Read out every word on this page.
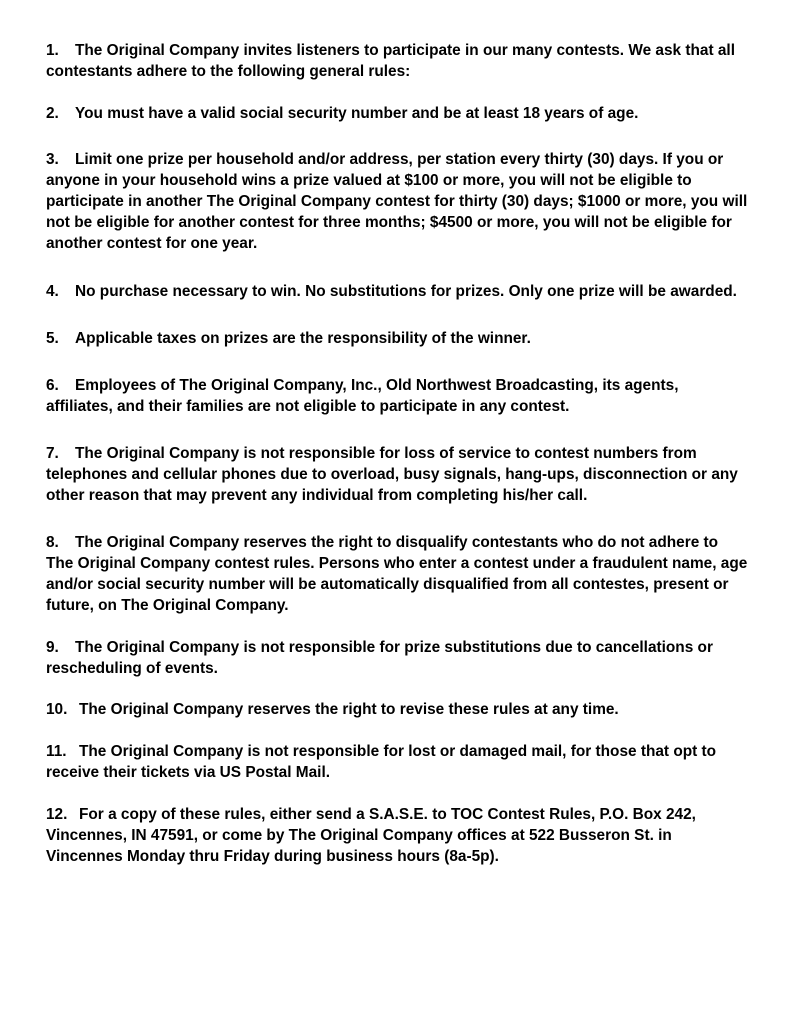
1. The Original Company invites listeners to participate in our many contests. We ask that all contestants adhere to the following general rules:

2. You must have a valid social security number and be at least 18 years of age.

3. Limit one prize per household and/or address, per station every thirty (30) days. If you or anyone in your household wins a prize valued at $100 or more, you will not be eligible to participate in another The Original Company contest for thirty (30) days; $1000 or more, you will not be eligible for another contest for three months; $4500 or more, you will not be eligible for another contest for one year.

4. No purchase necessary to win. No substitutions for prizes. Only one prize will be awarded.

5. Applicable taxes on prizes are the responsibility of the winner.

6. Employees of The Original Company, Inc., Old Northwest Broadcasting, its agents, affiliates, and their families are not eligible to participate in any contest.

7. The Original Company is not responsible for loss of service to contest numbers from telephones and cellular phones due to overload, busy signals, hang-ups, disconnection or any other reason that may prevent any individual from completing his/her call.

8. The Original Company reserves the right to disqualify contestants who do not adhere to The Original Company contest rules. Persons who enter a contest under a fraudulent name, age and/or social security number will be automatically disqualified from all contestes, present or future, on The Original Company.

9. The Original Company is not responsible for prize substitutions due to cancellations or rescheduling of events.

10. The Original Company reserves the right to revise these rules at any time.

11. The Original Company is not responsible for lost or damaged mail, for those that opt to receive their tickets via US Postal Mail.

12. For a copy of these rules, either send a S.A.S.E. to TOC Contest Rules, P.O. Box 242, Vincennes, IN 47591, or come by The Original Company offices at 522 Busseron St. in Vincennes Monday thru Friday during business hours (8a-5p).
